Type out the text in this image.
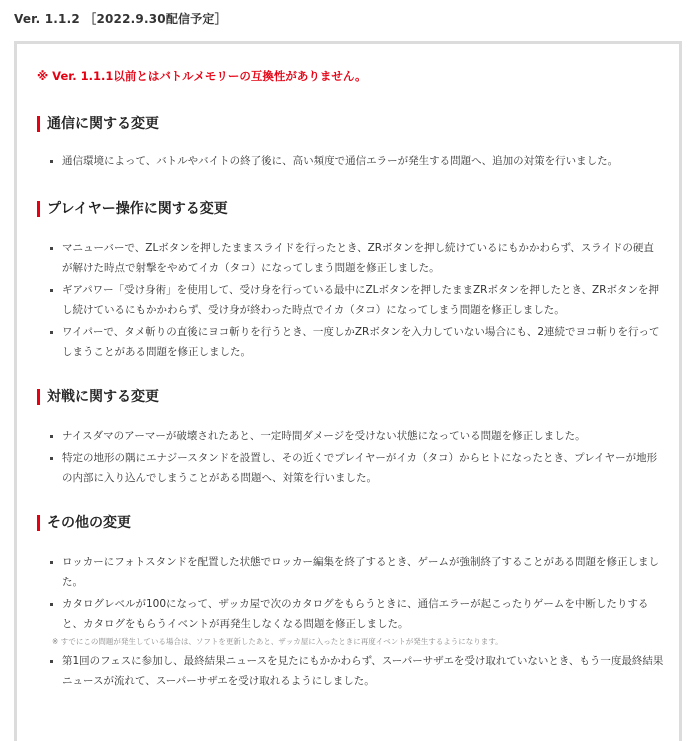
Ver. 1.1.2 ［2022.9.30配信予定］
※ Ver. 1.1.1以前とはバトルメモリーの互換性がありません。
通信に関する変更
通信環境によって、バトルやバイトの終了後に、高い頻度で通信エラーが発生する問題へ、追加の対策を行いました。
プレイヤー操作に関する変更
マニューバーで、ZLボタンを押したままスライドを行ったとき、ZRボタンを押し続けているにもかかわらず、スライドの硬直が解けた時点で射撃をやめてイカ（タコ）になってしまう問題を修正しました。
ギアパワー「受け身術」を使用して、受け身を行っている最中にZLボタンを押したままZRボタンを押したとき、ZRボタンを押し続けているにもかかわらず、受け身が終わった時点でイカ（タコ）になってしまう問題を修正しました。
ワイパーで、タメ斬りの直後にヨコ斬りを行うとき、一度しかZRボタンを入力していない場合にも、2連続でヨコ斬りを行ってしまうことがある問題を修正しました。
対戦に関する変更
ナイスダマのアーマーが破壊されたあと、一定時間ダメージを受けない状態になっている問題を修正しました。
特定の地形の隅にエナジースタンドを設置し、その近くでプレイヤーがイカ（タコ）からヒトになったとき、プレイヤーが地形の内部に入り込んでしまうことがある問題へ、対策を行いました。
その他の変更
ロッカーにフォトスタンドを配置した状態でロッカー編集を終了するとき、ゲームが強制終了することがある問題を修正しました。
カタログレベルが100になって、ザッカ屋で次のカタログをもらうときに、通信エラーが起こったりゲームを中断したりすると、カタログをもらうイベントが再発生しなくなる問題を修正しました。
※ すでにこの問題が発生している場合は、ソフトを更新したあと、ザッカ屋に入ったときに再度イベントが発生するようになります。
第1回のフェスに参加し、最終結果ニュースを見たにもかかわらず、スーパーサザエを受け取れていないとき、もう一度最終結果ニュースが流れて、スーパーサザエを受け取れるようにしました。
